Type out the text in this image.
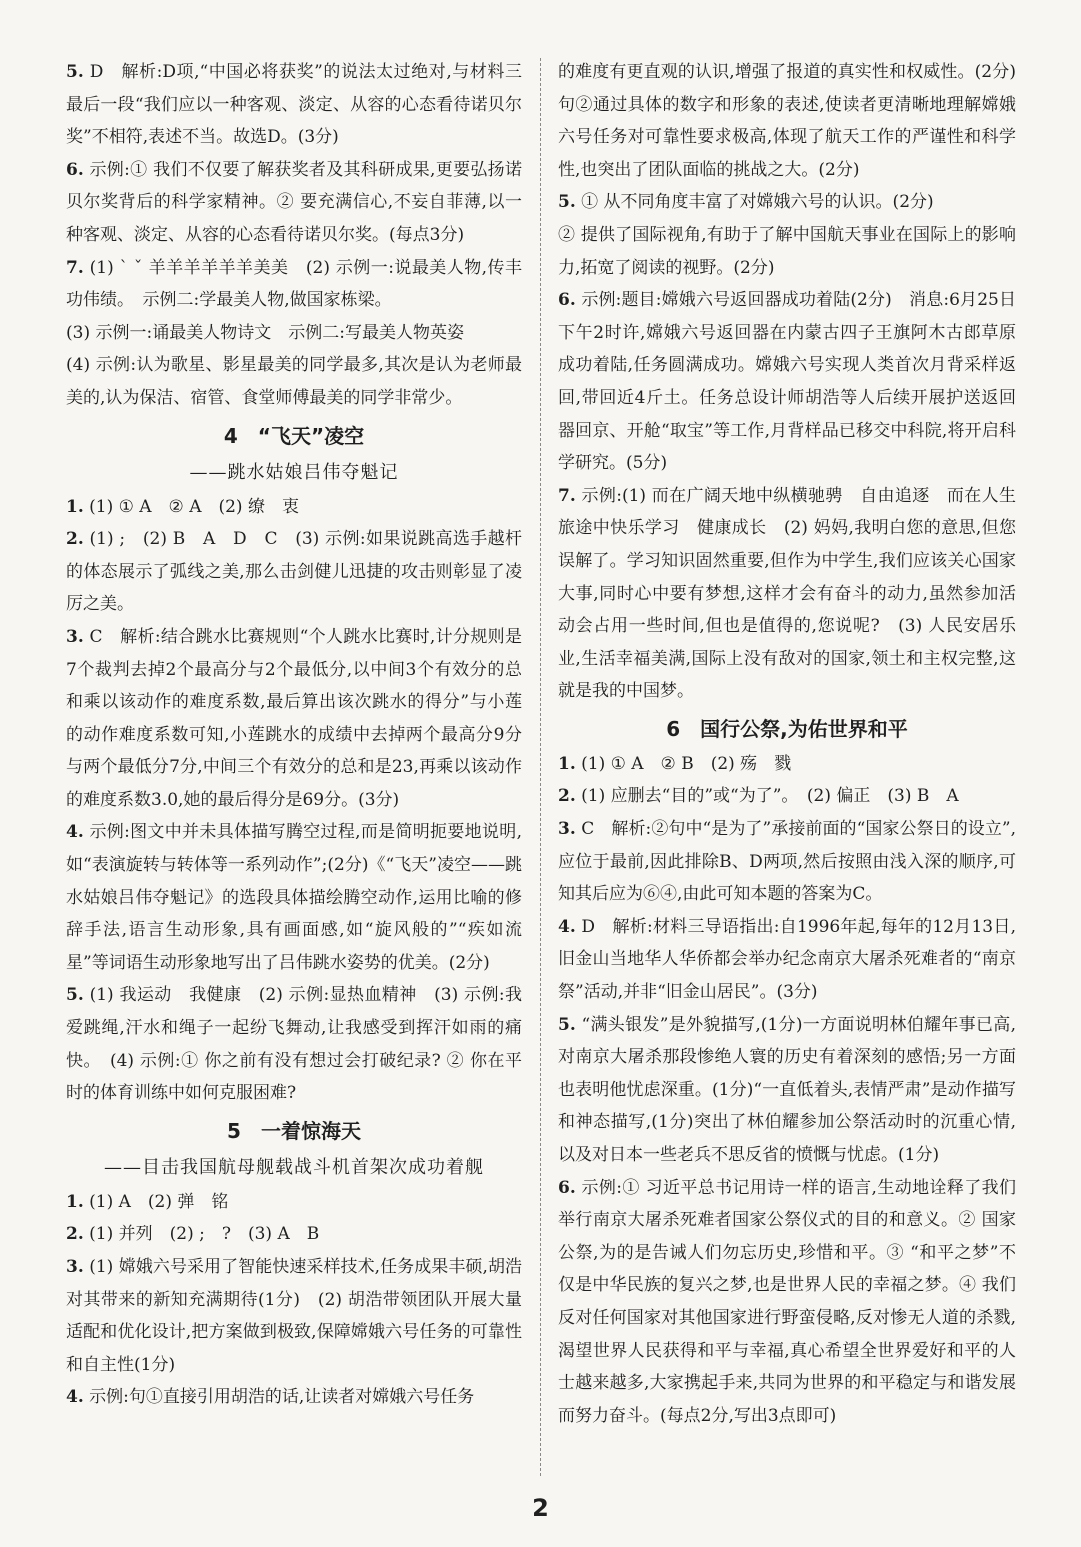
5. D　解析:D项,“中国必将获奖”的说法太过绝对,与材料三最后一段“我们应以一种客观、淡定、从容的心态看待诺贝尔奖”不相符,表述不当。故选D。(3分)

6. 示例:① 我们不仅要了解获奖者及其科研成果,更要弘扬诺贝尔奖背后的科学家精神。② 要充满信心,不妄自菲薄,以一种客观、淡定、从容的心态看待诺贝尔奖。(每点3分)

7. (1) ` ˇ 羊羊羊羊羊羊美美　(2) 示例一:说最美人物,传丰功伟绩。　示例二:学最美人物,做国家栋梁。

(3) 示例一:诵最美人物诗文　示例二:写最美人物英姿

(4) 示例:认为歌星、影星最美的同学最多,其次是认为老师最美的,认为保洁、宿管、食堂师傅最美的同学非常少。

4　“飞天”凌空

——跳水姑娘吕伟夺魁记

1. (1) ① A　② A　(2) 缭　衷

2. (1) ;　(2) B　A　D　C　(3) 示例:如果说跳高选手越杆的体态展示了弧线之美,那么击剑健儿迅捷的攻击则彰显了凌厉之美。

3. C　解析:结合跳水比赛规则“个人跳水比赛时,计分规则是7个裁判去掉2个最高分与2个最低分,以中间3个有效分的总和乘以该动作的难度系数,最后算出该次跳水的得分”与小莲的动作难度系数可知,小莲跳水的成绩中去掉两个最高分9分与两个最低分7分,中间三个有效分的总和是23,再乘以该动作的难度系数3.0,她的最后得分是69分。(3分)

4. 示例:图文中并未具体描写腾空过程,而是简明扼要地说明,如“表演旋转与转体等一系列动作”;(2分)《“飞天”凌空——跳水姑娘吕伟夺魁记》的选段具体描绘腾空动作,运用比喻的修辞手法,语言生动形象,具有画面感,如“旋风般的”“疾如流星”等词语生动形象地写出了吕伟跳水姿势的优美。(2分)

5. (1) 我运动　我健康　(2) 示例:显热血精神　(3) 示例:我爱跳绳,汗水和绳子一起纷飞舞动,让我感受到挥汗如雨的痛快。　(4) 示例:① 你之前有没有想过会打破纪录? ② 你在平时的体育训练中如何克服困难?

5　一着惊海天

——目击我国航母舰载战斗机首架次成功着舰

1. (1) A　(2) 弹　铭

2. (1) 并列　(2) ;　?　(3) A　B

3. (1) 嫦娥六号采用了智能快速采样技术,任务成果丰硕,胡浩对其带来的新知充满期待(1分)　(2) 胡浩带领团队开展大量适配和优化设计,把方案做到极致,保障嫦娥六号任务的可靠性和自主性(1分)

4. 示例:句①直接引用胡浩的话,让读者对嫦娥六号任务

的难度有更直观的认识,增强了报道的真实性和权威性。(2分)句②通过具体的数字和形象的表述,使读者更清晰地理解嫦娥六号任务对可靠性要求极高,体现了航天工作的严谨性和科学性,也突出了团队面临的挑战之大。(2分)

5. ① 从不同角度丰富了对嫦娥六号的认识。(2分)

② 提供了国际视角,有助于了解中国航天事业在国际上的影响力,拓宽了阅读的视野。(2分)

6. 示例:题目:嫦娥六号返回器成功着陆(2分)　消息:6月25日下午2时许,嫦娥六号返回器在内蒙古四子王旗阿木古郎草原成功着陆,任务圆满成功。嫦娥六号实现人类首次月背采样返回,带回近4斤土。任务总设计师胡浩等人后续开展护送返回器回京、开舱“取宝”等工作,月背样品已移交中科院,将开启科学研究。(5分)

7. 示例:(1) 而在广阔天地中纵横驰骋　自由追逐　而在人生旅途中快乐学习　健康成长　(2) 妈妈,我明白您的意思,但您误解了。学习知识固然重要,但作为中学生,我们应该关心国家大事,同时心中要有梦想,这样才会有奋斗的动力,虽然参加活动会占用一些时间,但也是值得的,您说呢?　(3) 人民安居乐业,生活幸福美满,国际上没有敌对的国家,领土和主权完整,这就是我的中国梦。

6　国行公祭,为佑世界和平

1. (1) ① A　② B　(2) 殇　戮

2. (1) 应删去“目的”或“为了”。　(2) 偏正　(3) B　A

3. C　解析:②句中“是为了”承接前面的“国家公祭日的设立”,应位于最前,因此排除B、D两项,然后按照由浅入深的顺序,可知其后应为⑥④,由此可知本题的答案为C。

4. D　解析:材料三导语指出:自1996年起,每年的12月13日,旧金山当地华人华侨都会举办纪念南京大屠杀死难者的“南京祭”活动,并非“旧金山居民”。(3分)

5. “满头银发”是外貌描写,(1分)一方面说明林伯耀年事已高,对南京大屠杀那段惨绝人寰的历史有着深刻的感悟;另一方面也表明他忧虑深重。(1分)“一直低着头,表情严肃”是动作描写和神态描写,(1分)突出了林伯耀参加公祭活动时的沉重心情,以及对日本一些老兵不思反省的愤慨与忧虑。(1分)

6. 示例:① 习近平总书记用诗一样的语言,生动地诠释了我们举行南京大屠杀死难者国家公祭仪式的目的和意义。② 国家公祭,为的是告诫人们勿忘历史,珍惜和平。③ “和平之梦”不仅是中华民族的复兴之梦,也是世界人民的幸福之梦。④ 我们反对任何国家对其他国家进行野蛮侵略,反对惨无人道的杀戮,渴望世界人民获得和平与幸福,真心希望全世界爱好和平的人士越来越多,大家携起手来,共同为世界的和平稳定与和谐发展而努力奋斗。(每点2分,写出3点即可)

2
